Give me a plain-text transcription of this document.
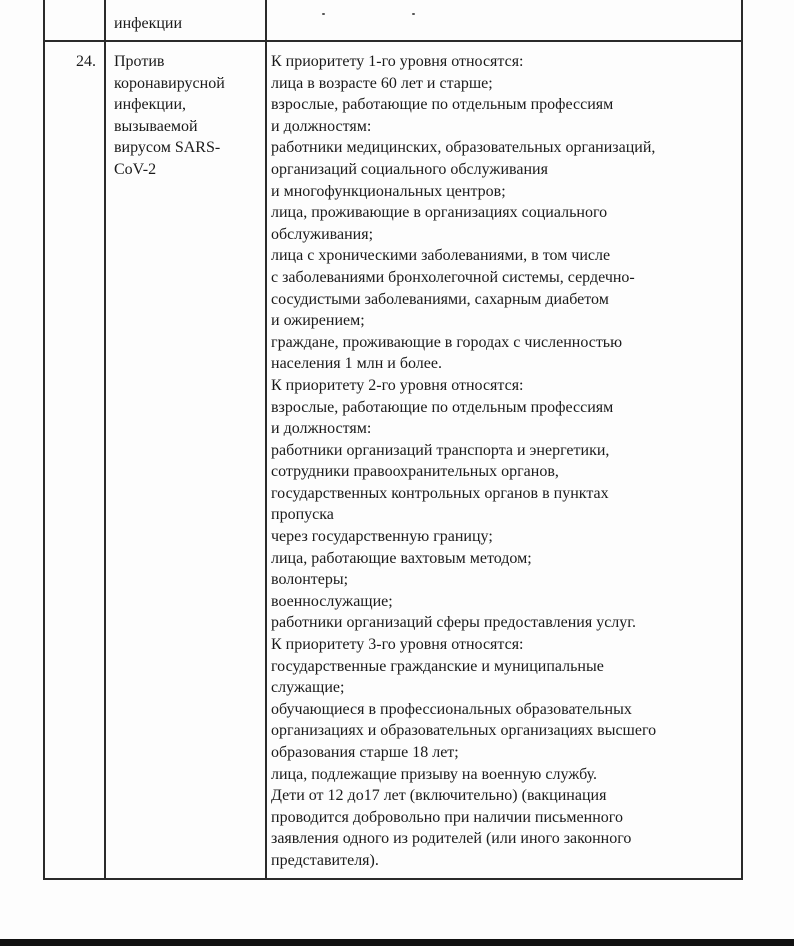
инфекции
24. Против
коронавирусной
инфекции,
вызываемой
вирусом SARS-
CoV-2
К приоритету 1-го уровня относятся:
лица в возрасте 60 лет и старше;
взрослые, работающие по отдельным профессиям
и должностям:
работники медицинских, образовательных организаций,
организаций социального обслуживания
и многофункциональных центров;
лица, проживающие в организациях социального
обслуживания;
лица с хроническими заболеваниями, в том числе
с заболеваниями бронхолегочной системы, сердечно-
сосудистыми заболеваниями, сахарным диабетом
и ожирением;
граждане, проживающие в городах с численностью
населения 1 млн и более.
К приоритету 2-го уровня относятся:
взрослые, работающие по отдельным профессиям
и должностям:
работники организаций транспорта и энергетики,
сотрудники правоохранительных органов,
государственных контрольных органов в пунктах
пропуска
через государственную границу;
лица, работающие вахтовым методом;
волонтеры;
военнослужащие;
работники организаций сферы предоставления услуг.
К приоритету 3-го уровня относятся:
государственные гражданские и муниципальные
служащие;
обучающиеся в профессиональных образовательных
организациях и образовательных организациях высшего
образования старше 18 лет;
лица, подлежащие призыву на военную службу.
Дети от 12 до17 лет (включительно) (вакцинация
проводится добровольно при наличии письменного
заявления одного из родителей (или иного законного
представителя).
